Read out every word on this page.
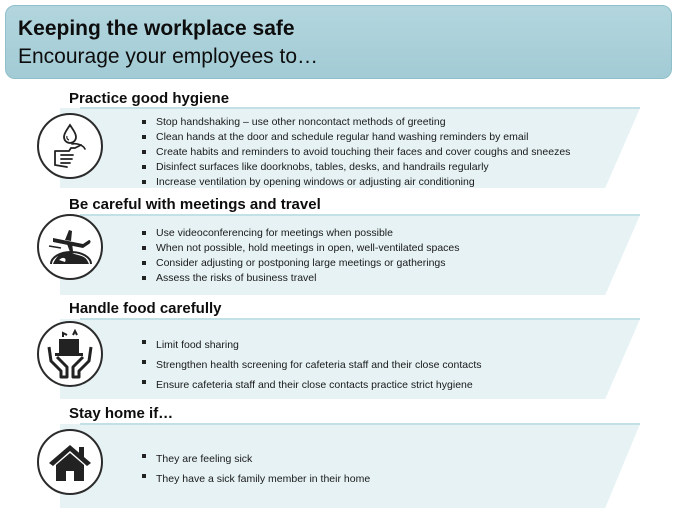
Keeping the workplace safe
Encourage your employees to…
Practice good hygiene
Stop handshaking – use other noncontact methods of greeting
Clean hands at the door and schedule regular hand washing reminders by email
Create habits and reminders to avoid touching their faces and cover coughs and sneezes
Disinfect surfaces like doorknobs, tables, desks, and handrails regularly
Increase ventilation by opening windows or adjusting air conditioning
Be careful with meetings and travel
Use videoconferencing for meetings when possible
When not possible, hold meetings in open, well-ventilated spaces
Consider adjusting or postponing large meetings or gatherings
Assess the risks of business travel
Handle food carefully
Limit food sharing
Strengthen health screening for cafeteria staff and their close contacts
Ensure cafeteria staff and their close contacts practice strict hygiene
Stay home if…
They are feeling sick
They have a sick family member in their home
